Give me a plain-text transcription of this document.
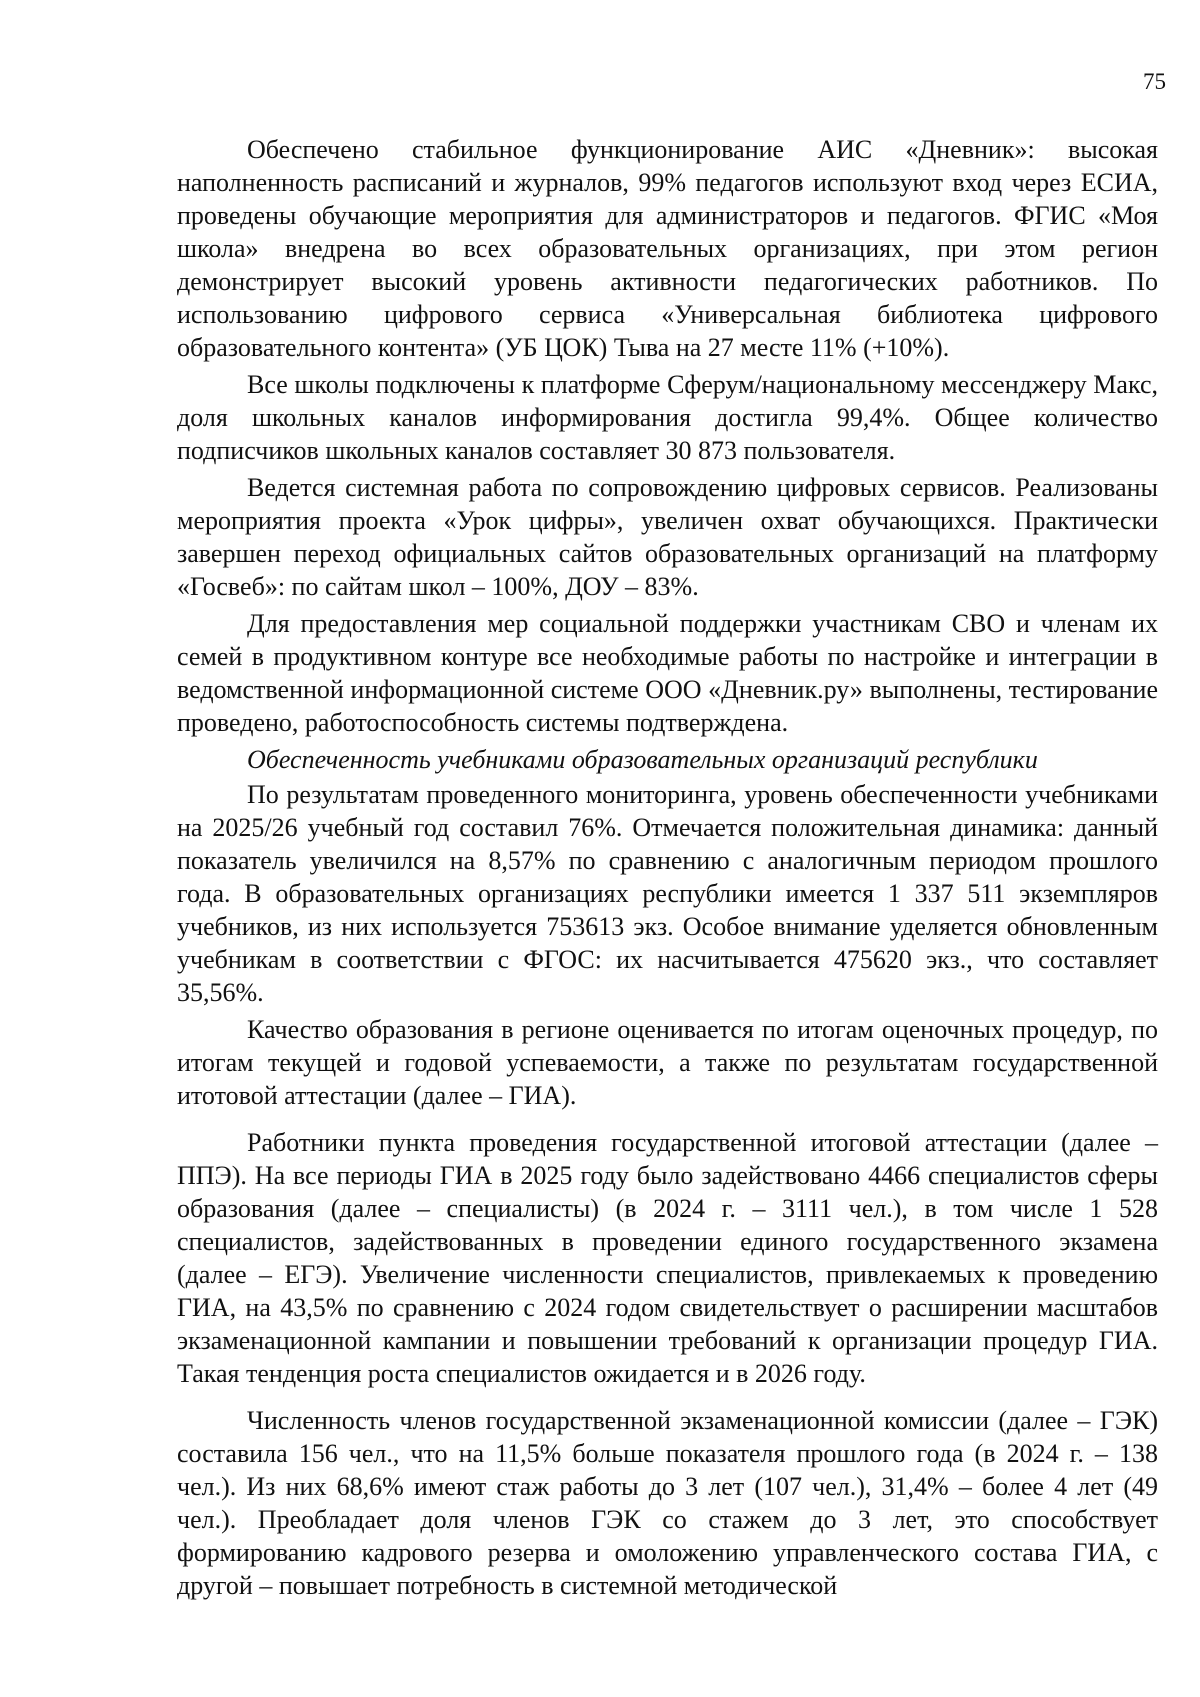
75

Обеспечено стабильное функционирование АИС «Дневник»: высокая наполненность расписаний и журналов, 99% педагогов используют вход через ЕСИА, проведены обучающие мероприятия для администраторов и педагогов. ФГИС «Моя школа» внедрена во всех образовательных организациях, при этом регион демонстрирует высокий уровень активности педагогических работников. По использованию цифрового сервиса «Универсальная библиотека цифрового образовательного контента» (УБ ЦОК) Тыва на 27 месте 11% (+10%).

Все школы подключены к платформе Сферум/национальному мессенджеру Макс, доля школьных каналов информирования достигла 99,4%. Общее количество подписчиков школьных каналов составляет 30 873 пользователя.

Ведется системная работа по сопровождению цифровых сервисов. Реализованы мероприятия проекта «Урок цифры», увеличен охват обучающихся. Практически завершен переход официальных сайтов образовательных организаций на платформу «Госвеб»: по сайтам школ – 100%, ДОУ – 83%.

Для предоставления мер социальной поддержки участникам СВО и членам их семей в продуктивном контуре все необходимые работы по настройке и интеграции в ведомственной информационной системе ООО «Дневник.ру» выполнены, тестирование проведено, работоспособность системы подтверждена.

Обеспеченность учебниками образовательных организаций республики

По результатам проведенного мониторинга, уровень обеспеченности учебниками на 2025/26 учебный год составил 76%. Отмечается положительная динамика: данный показатель увеличился на 8,57% по сравнению с аналогичным периодом прошлого года. В образовательных организациях республики имеется 1 337 511 экземпляров учебников, из них используется 753613 экз. Особое внимание уделяется обновленным учебникам в соответствии с ФГОС: их насчитывается 475620 экз., что составляет 35,56%.

Качество образования в регионе оценивается по итогам оценочных процедур, по итогам текущей и годовой успеваемости, а также по результатам государственной итотовой аттестации (далее – ГИА).

Работники пункта проведения государственной итоговой аттестации (далее – ППЭ). На все периоды ГИА в 2025 году было задействовано 4466 специалистов сферы образования (далее – специалисты) (в 2024 г. – 3111 чел.), в том числе 1 528 специалистов, задействованных в проведении единого государственного экзамена (далее – ЕГЭ). Увеличение численности специалистов, привлекаемых к проведению ГИА, на 43,5% по сравнению с 2024 годом свидетельствует о расширении масштабов экзаменационной кампании и повышении требований к организации процедур ГИА. Такая тенденция роста специалистов ожидается и в 2026 году.

Численность членов государственной экзаменационной комиссии (далее – ГЭК) составила 156 чел., что на 11,5% больше показателя прошлого года (в 2024 г. – 138 чел.). Из них 68,6% имеют стаж работы до 3 лет (107 чел.), 31,4% – более 4 лет (49 чел.). Преобладает доля членов ГЭК со стажем до 3 лет, это способствует формированию кадрового резерва и омоложению управленческого состава ГИА, с другой – повышает потребность в системной методической
